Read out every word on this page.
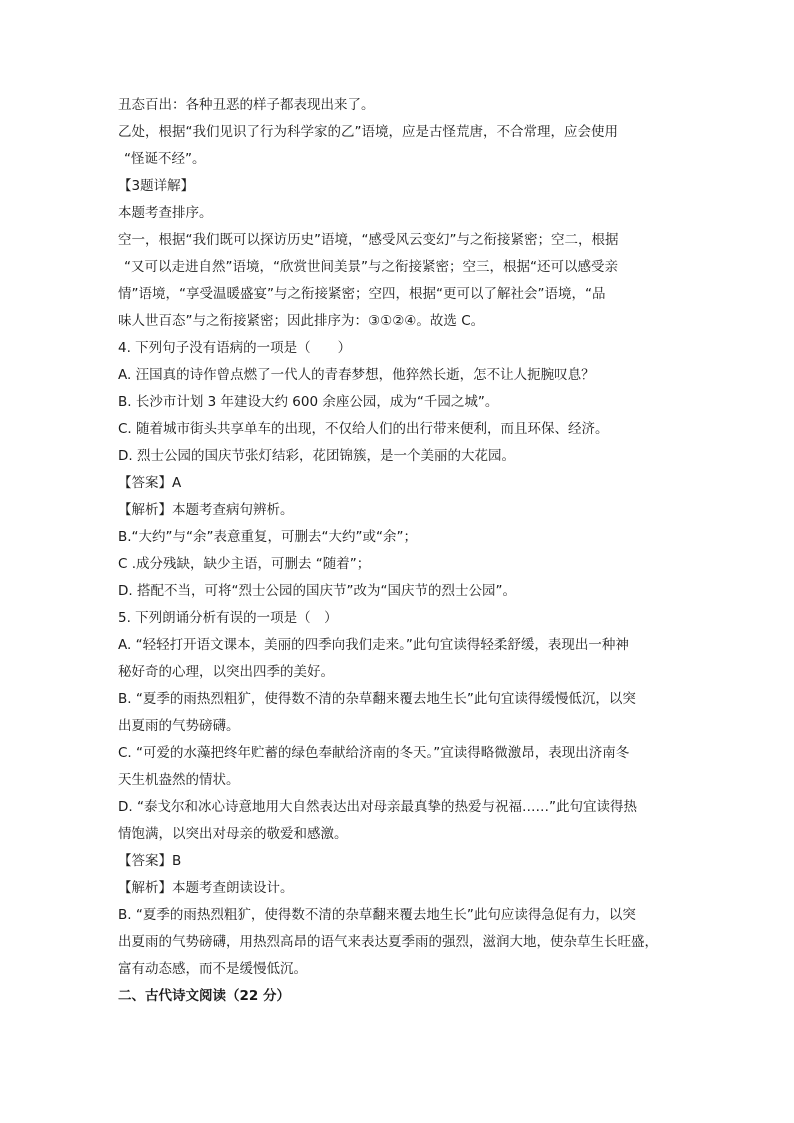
丑态百出：各种丑恶的样子都表现出来了。
乙处，根据“我们见识了行为科学家的乙”语境，应是古怪荒唐，不合常理，应会使用
“怪诞不经”。
【3题详解】
本题考查排序。
空一，根据“我们既可以探访历史”语境，“感受风云变幻”与之衔接紧密；空二，根据
“又可以走进自然”语境，“欣赏世间美景”与之衔接紧密；空三，根据“还可以感受亲
情”语境，“享受温暖盛宴”与之衔接紧密；空四，根据“更可以了解社会”语境，“品
味人世百态”与之衔接紧密；因此排序为：③①②④。故选 C。
4. 下列句子没有语病的一项是（　　）
A. 汪国真的诗作曾点燃了一代人的青春梦想，他猝然长逝，怎不让人扼腕叹息？
B. 长沙市计划 3 年建设大约 600 余座公园，成为“千园之城”。
C. 随着城市街头共享单车的出现，不仅给人们的出行带来便利，而且环保、经济。
D. 烈士公园的国庆节张灯结彩，花团锦簇，是一个美丽的大花园。
【答案】A
【解析】本题考查病句辨析。
B.“大约”与“余”表意重复，可删去“大约”或“余”；
C .成分残缺，缺少主语，可删去 “随着”；
D. 搭配不当，可将“烈士公园的国庆节”改为“国庆节的烈士公园”。
5. 下列朗诵分析有误的一项是（　）
A. “轻轻打开语文课本，美丽的四季向我们走来。”此句宜读得轻柔舒缓，表现出一种神
秘好奇的心理，以突出四季的美好。
B. “夏季的雨热烈粗犷，使得数不清的杂草翻来覆去地生长”此句宜读得缓慢低沉，以突
出夏雨的气势磅礴。
C. “可爱的水藻把终年贮蓄的绿色奉献给济南的冬天。”宜读得略微激昂，表现出济南冬
天生机盎然的情状。
D. “泰戈尔和冰心诗意地用大自然表达出对母亲最真挚的热爱与祝福……”此句宜读得热
情饱满，以突出对母亲的敬爱和感激。
【答案】B
【解析】本题考查朗读设计。
B. “夏季的雨热烈粗犷，使得数不清的杂草翻来覆去地生长”此句应读得急促有力，以突
出夏雨的气势磅礴，用热烈高昂的语气来表达夏季雨的强烈，滋润大地，使杂草生长旺盛，
富有动态感，而不是缓慢低沉。
二、古代诗文阅读（22 分）
